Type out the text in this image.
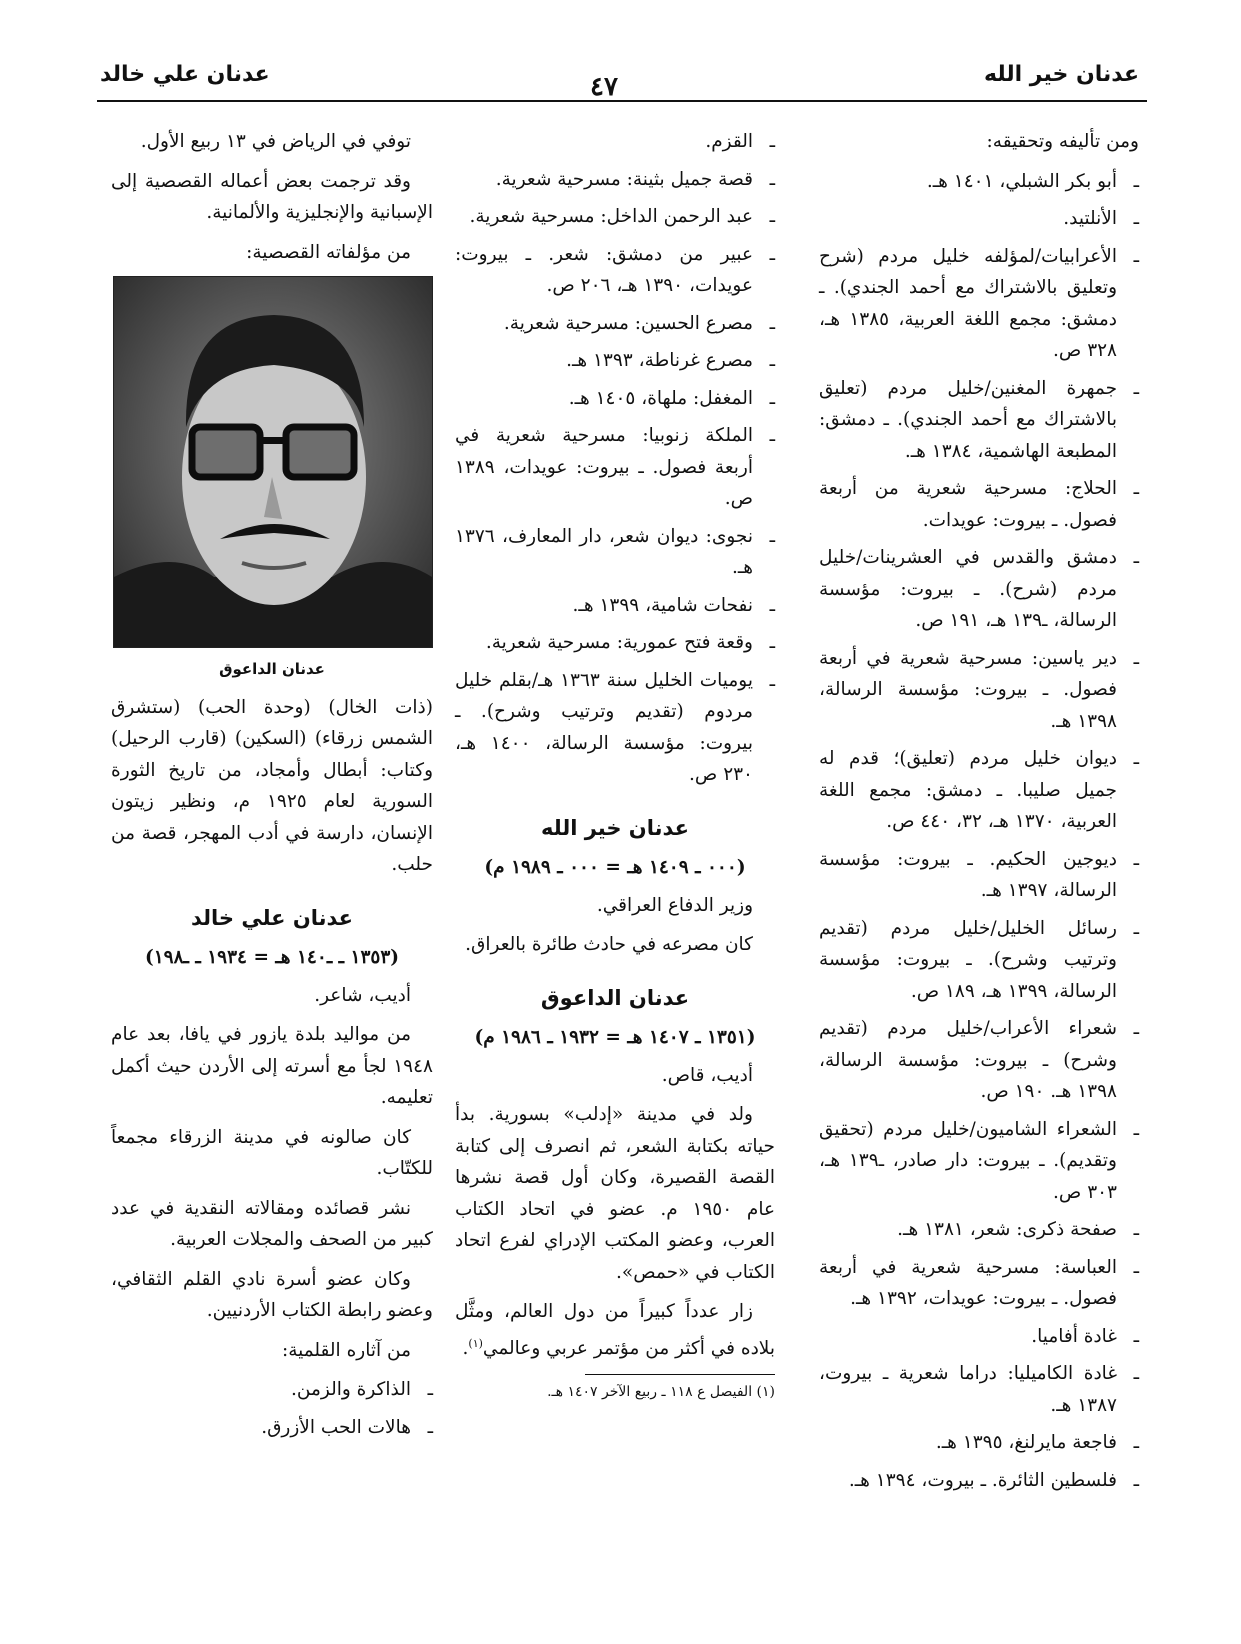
عدنان خير الله
٤٧
عدنان علي خالد

ومن تأليفه وتحقيقه:

ـ أبو بكر الشبلي، ١٤٠١ هـ.
ـ الأنلتيد.
ـ الأعرابيات/لمؤلفه خليل مردم (شرح وتعليق بالاشتراك مع أحمد الجندي). ـ دمشق: مجمع اللغة العربية، ١٣٨٥ هـ، ٣٢٨ ص.
ـ جمهرة المغنين/خليل مردم (تعليق بالاشتراك مع أحمد الجندي). ـ دمشق: المطبعة الهاشمية، ١٣٨٤ هـ.
ـ الحلاج: مسرحية شعرية من أربعة فصول. ـ بيروت: عويدات.
ـ دمشق والقدس في العشرينات/خليل مردم (شرح). ـ بيروت: مؤسسة الرسالة، ـ١٣٩ هـ، ١٩١ ص.
ـ دير ياسين: مسرحية شعرية في أربعة فصول. ـ بيروت: مؤسسة الرسالة، ١٣٩٨ هـ.
ـ ديوان خليل مردم (تعليق)؛ قدم له جميل صليبا. ـ دمشق: مجمع اللغة العربية، ١٣٧٠ هـ، ٣٢، ٤٤٠ ص.
ـ ديوجين الحكيم. ـ بيروت: مؤسسة الرسالة، ١٣٩٧ هـ.
ـ رسائل الخليل/خليل مردم (تقديم وترتيب وشرح). ـ بيروت: مؤسسة الرسالة، ١٣٩٩ هـ، ١٨٩ ص.
ـ شعراء الأعراب/خليل مردم (تقديم وشرح) ـ بيروت: مؤسسة الرسالة، ١٣٩٨ هـ. ١٩٠ ص.
ـ الشعراء الشاميون/خليل مردم (تحقيق وتقديم). ـ بيروت: دار صادر، ـ١٣٩ هـ، ٣٠٣ ص.
ـ صفحة ذكرى: شعر، ١٣٨١ هـ.
ـ العباسة: مسرحية شعرية في أربعة فصول. ـ بيروت: عويدات، ١٣٩٢ هـ.
ـ غادة أفاميا.
ـ غادة الكاميليا: دراما شعرية ـ بيروت، ١٣٨٧ هـ.
ـ فاجعة مايرلنغ، ١٣٩٥ هـ.
ـ فلسطين الثائرة. ـ بيروت، ١٣٩٤ هـ.
ـ القزم.
ـ قصة جميل بثينة: مسرحية شعرية.
ـ عبد الرحمن الداخل: مسرحية شعرية.
ـ عبير من دمشق: شعر. ـ بيروت: عويدات، ١٣٩٠ هـ، ٢٠٦ ص.
ـ مصرع الحسين: مسرحية شعرية.
ـ مصرع غرناطة، ١٣٩٣ هـ.
ـ المغفل: ملهاة، ١٤٠٥ هـ.
ـ الملكة زنوبيا: مسرحية شعرية في أربعة فصول. ـ بيروت: عويدات، ١٣٨٩ ص.
ـ نجوى: ديوان شعر، دار المعارف، ١٣٧٦ هـ.
ـ نفحات شامية، ١٣٩٩ هـ.
ـ وقعة فتح عمورية: مسرحية شعرية.
ـ يوميات الخليل سنة ١٣٦٣ هـ/بقلم خليل مردوم (تقديم وترتيب وشرح). ـ بيروت: مؤسسة الرسالة، ١٤٠٠ هـ، ٢٣٠ ص.
عدنان خير الله
(٠٠٠ ـ ١٤٠٩ هـ = ٠٠٠ ـ ١٩٨٩ م)

وزير الدفاع العراقي.

كان مصرعه في حادث طائرة بالعراق.

عدنان الداعوق
(١٣٥١ ـ ١٤٠٧ هـ = ١٩٣٢ ـ ١٩٨٦ م)

أديب، قاص.

ولد في مدينة «إدلب» بسورية. بدأ حياته بكتابة الشعر، ثم انصرف إلى كتابة القصة القصيرة، وكان أول قصة نشرها عام ١٩٥٠ م. عضو في اتحاد الكتاب العرب، وعضو المكتب الإدراي لفرع اتحاد الكتاب في «حمص».

زار عدداً كبيراً من دول العالم، ومثَّل بلاده في أكثر من مؤتمر عربي وعالمي$^{(١)}$.

(١) الفيصل ع ١١٨ ـ ربيع الآخر ١٤٠٧ هـ.

توفي في الرياض في ١٣ ربيع الأول.

وقد ترجمت بعض أعماله القصصية إلى الإسبانية والإنجليزية والألمانية.

من مؤلفاته القصصية:

عدنان الداعوق

(ذات الخال) (وحدة الحب) (ستشرق الشمس زرقاء) (السكين) (قارب الرحيل) وكتاب: أبطال وأمجاد، من تاريخ الثورة السورية لعام ١٩٢٥ م، ونظير زيتون الإنسان، دارسة في أدب المهجر، قصة من حلب.

عدنان علي خالد
(١٣٥٣ ـ ـ١٤٠ هـ = ١٩٣٤ ـ ـ١٩٨)

أديب، شاعر.

من مواليد بلدة يازور في يافا، بعد عام ١٩٤٨ لجأ مع أسرته إلى الأردن حيث أكمل تعليمه.

كان صالونه في مدينة الزرقاء مجمعاً للكتّاب.

نشر قصائده ومقالاته النقدية في عدد كبير من الصحف والمجلات العربية.

وكان عضو أسرة نادي القلم الثقافي، وعضو رابطة الكتاب الأردنيين.

من آثاره القلمية:

ـ الذاكرة والزمن.
ـ هالات الحب الأزرق.
